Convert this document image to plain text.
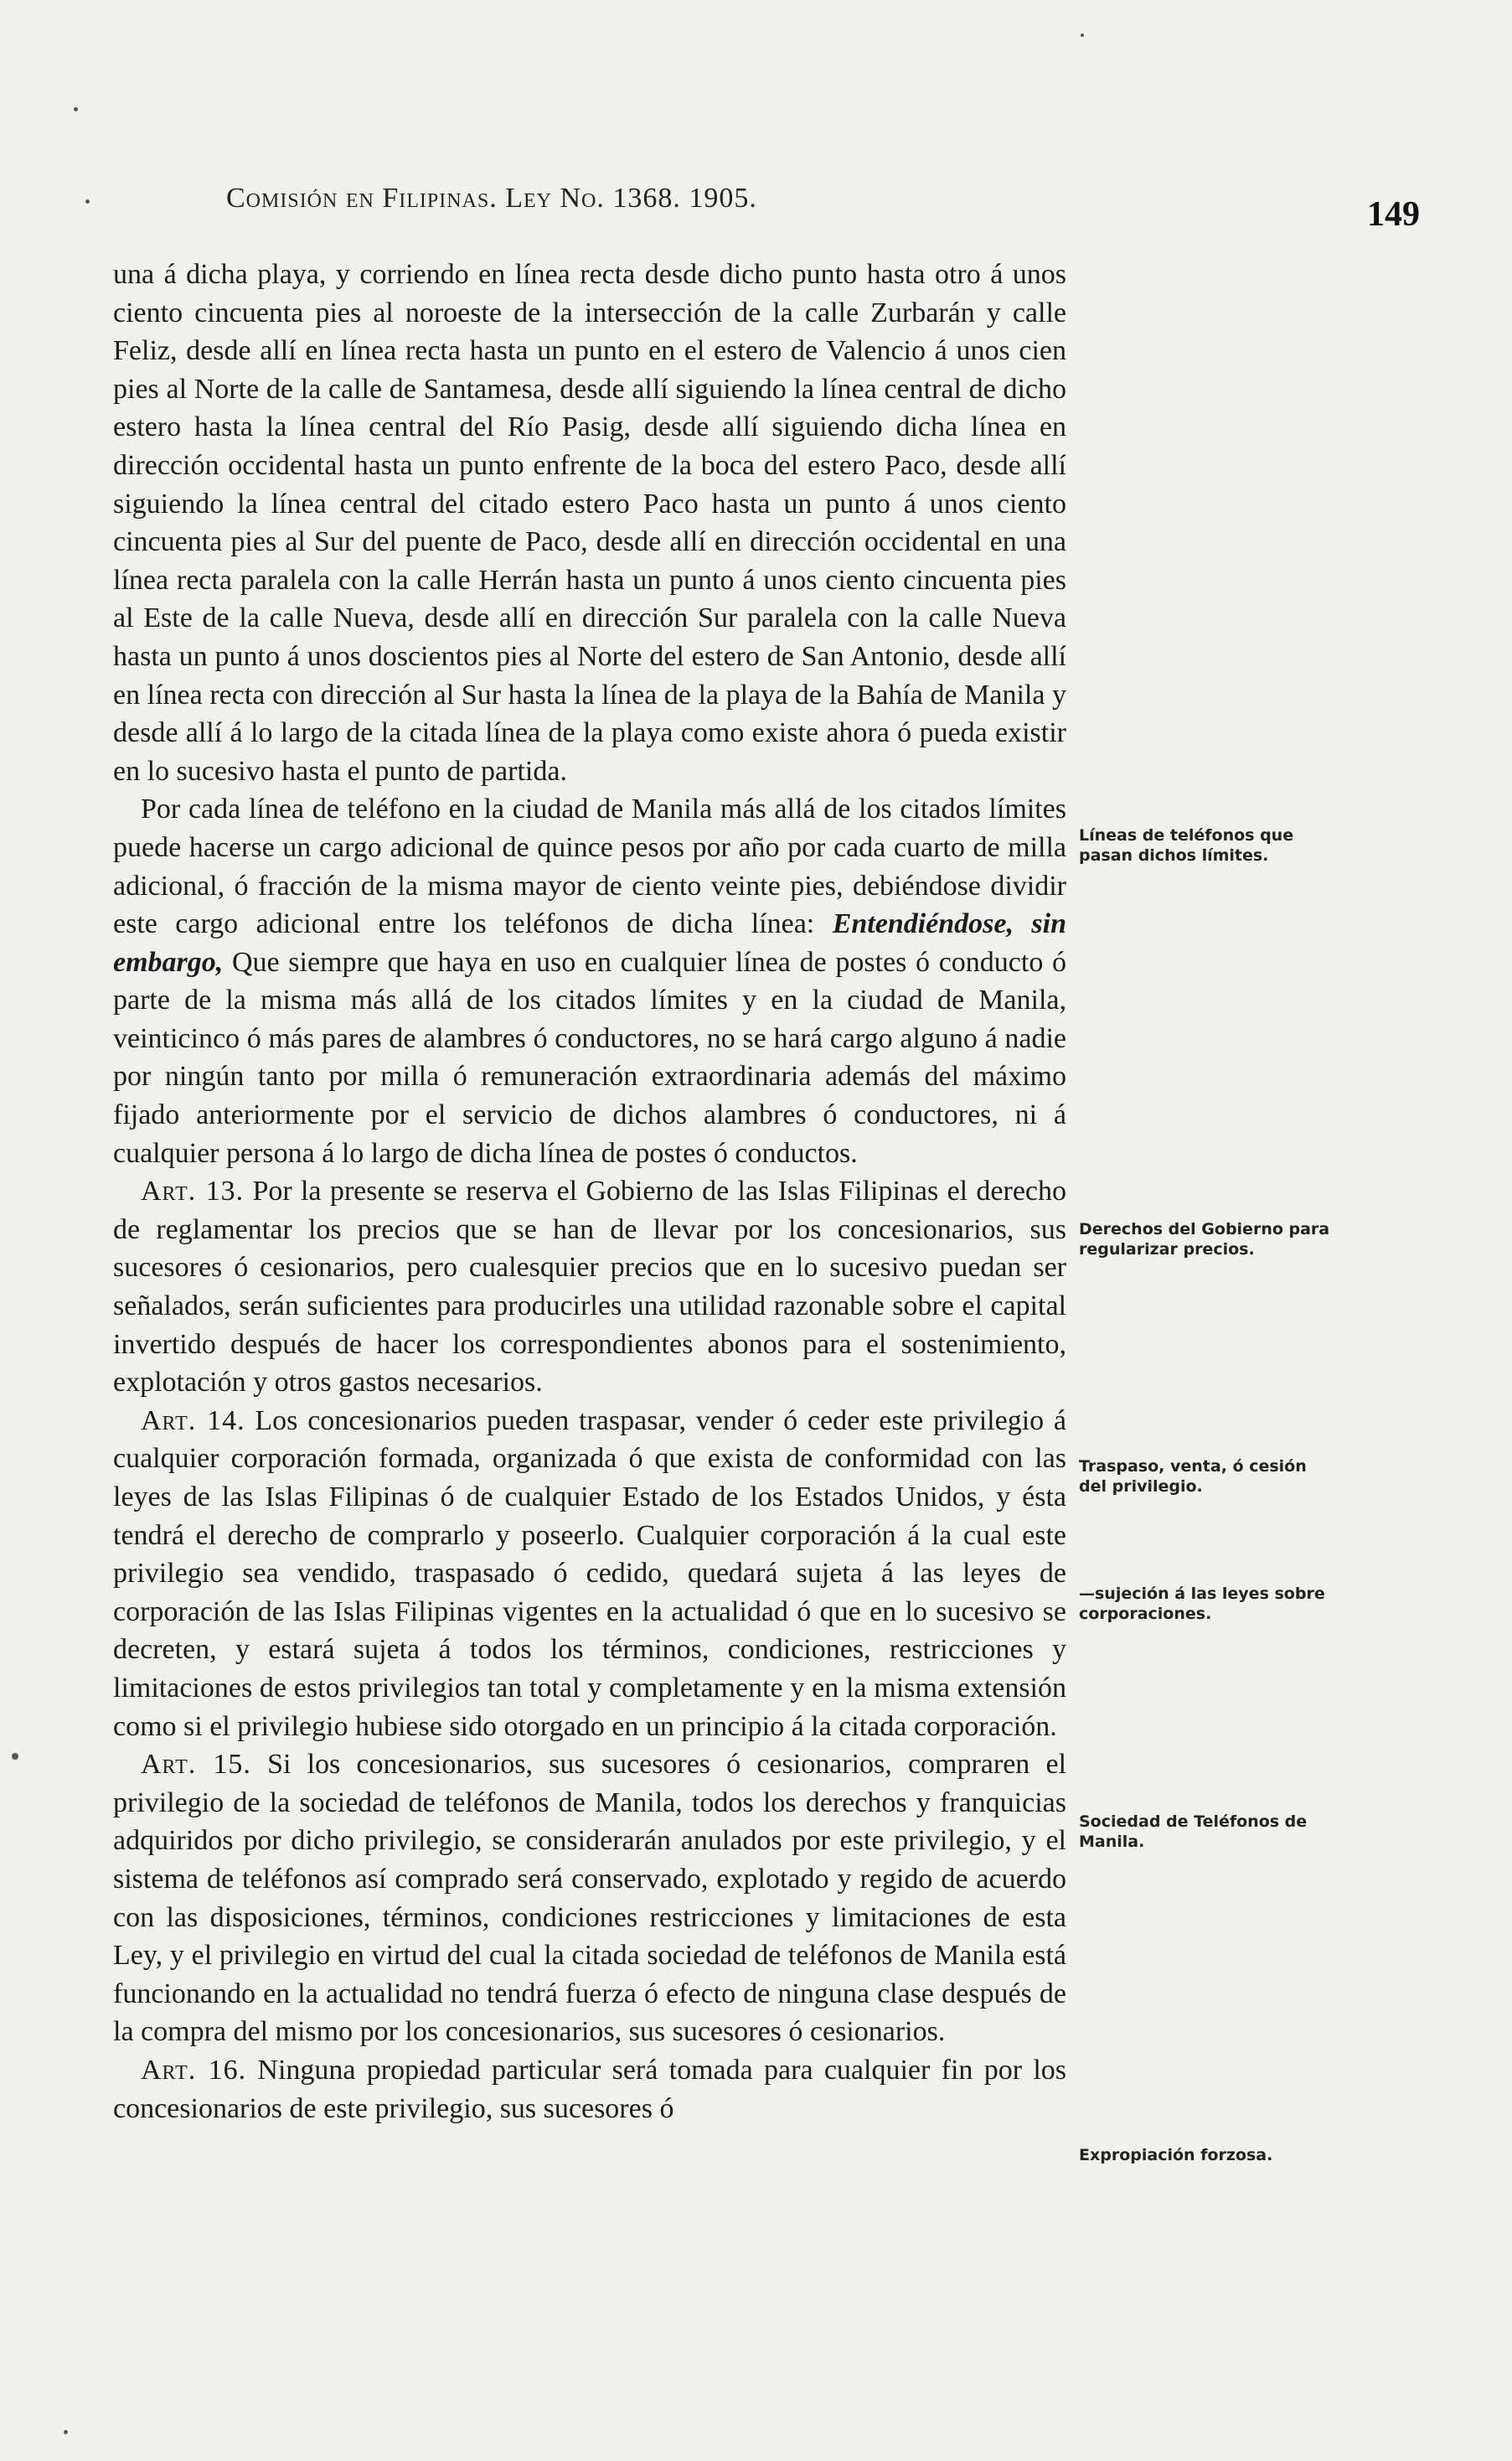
Comisión en Filipinas. Ley No. 1368. 1905.	149

una á dicha playa, y corriendo en línea recta desde dicho punto hasta otro á unos ciento cincuenta pies al noroeste de la intersección de la calle Zurbarán y calle Feliz, desde allí en línea recta hasta un punto en el estero de Valencio á unos cien pies al Norte de la calle de Santamesa, desde allí siguiendo la línea central de dicho estero hasta la línea central del Río Pasig, desde allí siguiendo dicha línea en dirección occidental hasta un punto enfrente de la boca del estero Paco, desde allí siguiendo la línea central del citado estero Paco hasta un punto á unos ciento cincuenta pies al Sur del puente de Paco, desde allí en dirección occidental en una línea recta paralela con la calle Herrán hasta un punto á unos ciento cincuenta pies al Este de la calle Nueva, desde allí en dirección Sur paralela con la calle Nueva hasta un punto á unos doscientos pies al Norte del estero de San Antonio, desde allí en línea recta con dirección al Sur hasta la línea de la playa de la Bahía de Manila y desde allí á lo largo de la citada línea de la playa como existe ahora ó pueda existir en lo sucesivo hasta el punto de partida.

Por cada línea de teléfono en la ciudad de Manila más allá de los citados límites puede hacerse un cargo adicional de quince pesos por año por cada cuarto de milla adicional, ó fracción de la misma mayor de ciento veinte pies, debiéndose dividir este cargo adicional entre los teléfonos de dicha línea: Entendiéndose, sin embargo, Que siempre que haya en uso en cualquier línea de postes ó conducto ó parte de la misma más allá de los citados límites y en la ciudad de Manila, veinticinco ó más pares de alambres ó conductores, no se hará cargo alguno á nadie por ningún tanto por milla ó remuneración extraordinaria además del máximo fijado anteriormente por el servicio de dichos alambres ó conductores, ni á cualquier persona á lo largo de dicha línea de postes ó conductos.

Art. 13. Por la presente se reserva el Gobierno de las Islas Filipinas el derecho de reglamentar los precios que se han de llevar por los concesionarios, sus sucesores ó cesionarios, pero cualesquier precios que en lo sucesivo puedan ser señalados, serán suficientes para producirles una utilidad razonable sobre el capital invertido después de hacer los correspondientes abonos para el sostenimiento, explotación y otros gastos necesarios.

Art. 14. Los concesionarios pueden traspasar, vender ó ceder este privilegio á cualquier corporación formada, organizada ó que exista de conformidad con las leyes de las Islas Filipinas ó de cualquier Estado de los Estados Unidos, y ésta tendrá el derecho de comprarlo y poseerlo. Cualquier corporación á la cual este privilegio sea vendido, traspasado ó cedido, quedará sujeta á las leyes de corporación de las Islas Filipinas vigentes en la actualidad ó que en lo sucesivo se decreten, y estará sujeta á todos los términos, condiciones, restricciones y limitaciones de estos privilegios tan total y completamente y en la misma extensión como si el privilegio hubiese sido otorgado en un principio á la citada corporación.

Art. 15. Si los concesionarios, sus sucesores ó cesionarios, compraren el privilegio de la sociedad de teléfonos de Manila, todos los derechos y franquicias adquiridos por dicho privilegio, se considerarán anulados por este privilegio, y el sistema de teléfonos así comprado será conservado, explotado y regido de acuerdo con las disposiciones, términos, condiciones restricciones y limitaciones de esta Ley, y el privilegio en virtud del cual la citada sociedad de teléfonos de Manila está funcionando en la actualidad no tendrá fuerza ó efecto de ninguna clase después de la compra del mismo por los concesionarios, sus sucesores ó cesionarios.

Art. 16. Ninguna propiedad particular será tomada para cualquier fin por los concesionarios de este privilegio, sus sucesores ó

Líneas de teléfonos que pasan dichos límites.
Derechos del Gobierno para regularizar precios.
Traspaso, venta, ó cesión del privilegio.
—sujeción á las leyes sobre corporaciones.
Sociedad de Teléfonos de Manila.
Expropiación forzosa.
